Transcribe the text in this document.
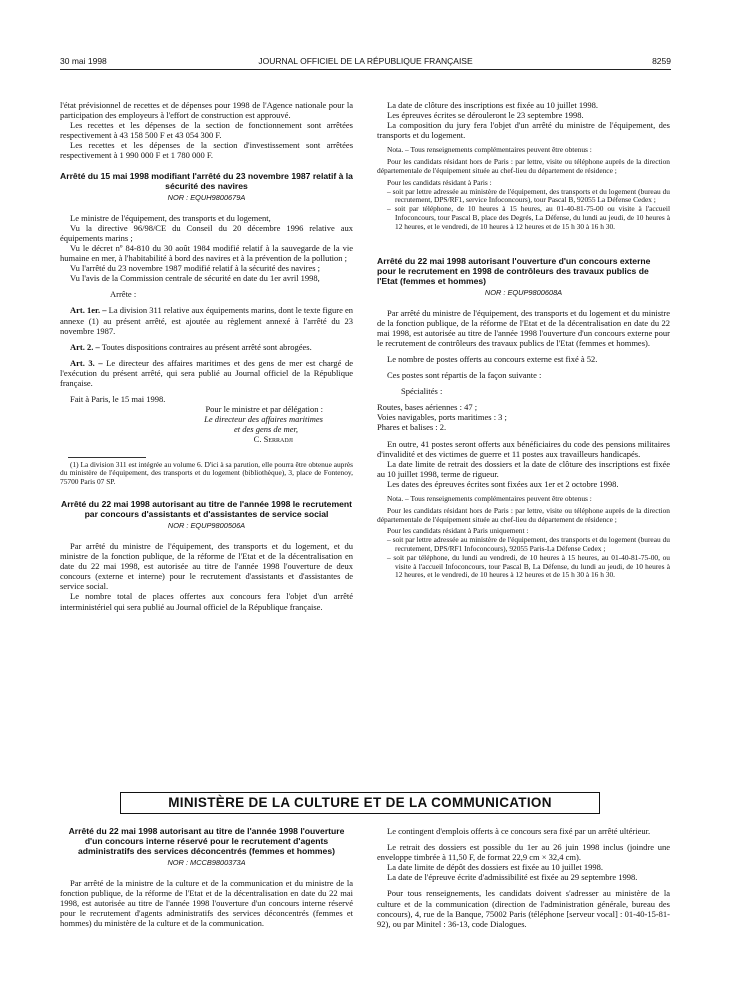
30 mai 1998	JOURNAL OFFICIEL DE LA RÉPUBLIQUE FRANÇAISE	8259

l'état prévisionnel de recettes et de dépenses pour 1998 de l'Agence nationale pour la participation des employeurs à l'effort de construction est approuvé.

Les recettes et les dépenses de la section de fonctionnement sont arrêtées respectivement à 43 158 500 F et 43 054 300 F.

Les recettes et les dépenses de la section d'investissement sont arrêtées respectivement à 1 990 000 F et 1 780 000 F.

Arrêté du 15 mai 1998 modifiant l'arrêté du 23 novembre 1987 relatif à la sécurité des navires
NOR : EQUH9800679A

Le ministre de l'équipement, des transports et du logement,

Vu la directive 96/98/CE du Conseil du 20 décembre 1996 relative aux équipements marins ;

Vu le décret nº 84-810 du 30 août 1984 modifié relatif à la sauvegarde de la vie humaine en mer, à l'habitabilité à bord des navires et à la prévention de la pollution ;

Vu l'arrêté du 23 novembre 1987 modifié relatif à la sécurité des navires ;

Vu l'avis de la Commission centrale de sécurité en date du 1er avril 1998,

Arrête :

Art. 1er. – La division 311 relative aux équipements marins, dont le texte figure en annexe (1) au présent arrêté, est ajoutée au règlement annexé à l'arrêté du 23 novembre 1987.

Art. 2. – Toutes dispositions contraires au présent arrêté sont abrogées.

Art. 3. – Le directeur des affaires maritimes et des gens de mer est chargé de l'exécution du présent arrêté, qui sera publié au Journal officiel de la République française.

Fait à Paris, le 15 mai 1998.

Pour le ministre et par délégation :

Le directeur des affaires maritimes

et des gens de mer,

C. Serradji

(1) La division 311 est intégrée au volume 6. D'ici à sa parution, elle pourra être obtenue auprès du ministère de l'équipement, des transports et du logement (bibliothèque), 3, place de Fontenoy, 75700 Paris 07 SP.

Arrêté du 22 mai 1998 autorisant au titre de l'année 1998 le recrutement par concours d'assistants et d'assistantes de service social
NOR : EQUP9800506A

Par arrêté du ministre de l'équipement, des transports et du logement, et du ministre de la fonction publique, de la réforme de l'Etat et de la décentralisation en date du 22 mai 1998, est autorisée au titre de l'année 1998 l'ouverture de deux concours (externe et interne) pour le recrutement d'assistants et d'assistantes de service social.

Le nombre total de places offertes aux concours fera l'objet d'un arrêté interministériel qui sera publié au Journal officiel de la République française.

La date de clôture des inscriptions est fixée au 10 juillet 1998.

Les épreuves écrites se dérouleront le 23 septembre 1998.

La composition du jury fera l'objet d'un arrêté du ministre de l'équipement, des transports et du logement.

Nota. – Tous renseignements complémentaires peuvent être obtenus :

Pour les candidats résidant hors de Paris : par lettre, visite ou téléphone auprès de la direction départementale de l'équipement située au chef-lieu du département de résidence ;

Pour les candidats résidant à Paris :

– soit par lettre adressée au ministère de l'équipement, des transports et du logement (bureau du recrutement, DPS/RF1, service Infoconcours), tour Pascal B, 92055 La Défense Cedex ;
– soit par téléphone, de 10 heures à 15 heures, au 01-40-81-75-00 ou visite à l'accueil Infoconcours, tour Pascal B, place des Degrés, La Défense, du lundi au jeudi, de 10 heures à 12 heures, et le vendredi, de 10 heures à 12 heures et de 15 h 30 à 16 h 30.
Arrêté du 22 mai 1998 autorisant l'ouverture d'un concours externe pour le recrutement en 1998 de contrôleurs des travaux publics de l'Etat (femmes et hommes)
NOR : EQUP9800608A

Par arrêté du ministre de l'équipement, des transports et du logement et du ministre de la fonction publique, de la réforme de l'Etat et de la décentralisation en date du 22 mai 1998, est autorisée au titre de l'année 1998 l'ouverture d'un concours externe pour le recrutement de contrôleurs des travaux publics de l'Etat (femmes et hommes).

Le nombre de postes offerts au concours externe est fixé à 52.

Ces postes sont répartis de la façon suivante :

Spécialités :

Routes, bases aériennes : 47 ;

Voies navigables, ports maritimes : 3 ;

Phares et balises : 2.

En outre, 41 postes seront offerts aux bénéficiaires du code des pensions militaires d'invalidité et des victimes de guerre et 11 postes aux travailleurs handicapés.

La date limite de retrait des dossiers et la date de clôture des inscriptions est fixée au 10 juillet 1998, terme de rigueur.

Les dates des épreuves écrites sont fixées aux 1er et 2 octobre 1998.

Nota. – Tous renseignements complémentaires peuvent être obtenus :

Pour les candidats résidant hors de Paris : par lettre, visite ou téléphone auprès de la direction départementale de l'équipement située au chef-lieu du département de résidence ;

Pour les candidats résidant à Paris uniquement :

– soit par lettre adressée au ministère de l'équipement, des transports et du logement (bureau du recrutement, DPS/RF1 Infoconcours), 92055 Paris-La Défense Cedex ;
– soit par téléphone, du lundi au vendredi, de 10 heures à 15 heures, au 01-40-81-75-00, ou visite à l'accueil Infoconcours, tour Pascal B, La Défense, du lundi au jeudi, de 10 heures à 12 heures, et le vendredi, de 10 heures à 12 heures et de 15 h 30 à 16 h 30.
MINISTÈRE DE LA CULTURE ET DE LA COMMUNICATION
Arrêté du 22 mai 1998 autorisant au titre de l'année 1998 l'ouverture d'un concours interne réservé pour le recrutement d'agents administratifs des services déconcentrés (femmes et hommes)
NOR : MCCB9800373A

Par arrêté de la ministre de la culture et de la communication et du ministre de la fonction publique, de la réforme de l'Etat et de la décentralisation en date du 22 mai 1998, est autorisée au titre de l'année 1998 l'ouverture d'un concours interne réservé pour le recrutement d'agents administratifs des services déconcentrés (femmes et hommes) du ministère de la culture et de la communication.

Le contingent d'emplois offerts à ce concours sera fixé par un arrêté ultérieur.

Le retrait des dossiers est possible du 1er au 26 juin 1998 inclus (joindre une enveloppe timbrée à 11,50 F, de format 22,9 cm × 32,4 cm).

La date limite de dépôt des dossiers est fixée au 10 juillet 1998.

La date de l'épreuve écrite d'admissibilité est fixée au 29 septembre 1998.

Pour tous renseignements, les candidats doivent s'adresser au ministère de la culture et de la communication (direction de l'administration générale, bureau des concours), 4, rue de la Banque, 75002 Paris (téléphone [serveur vocal] : 01-40-15-81-92), ou par Minitel : 36-13, code Dialogues.
